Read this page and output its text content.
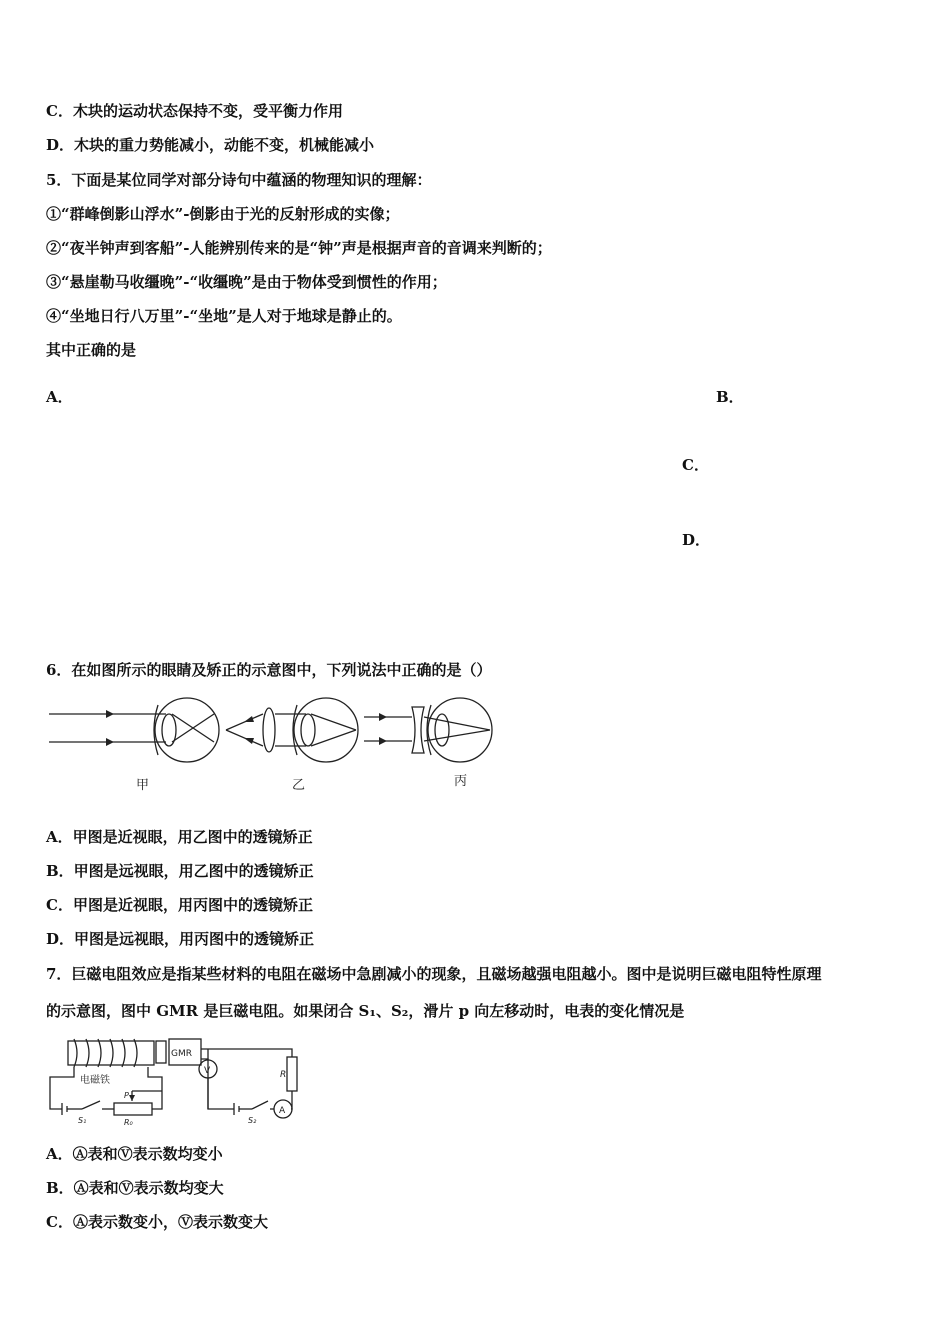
C．木块的运动状态保持不变，受平衡力作用
D．木块的重力势能减小，动能不变，机械能减小
5．下面是某位同学对部分诗句中蕴涵的物理知识的理解：
①“群峰倒影山浮水”-倒影由于光的反射形成的实像；
②“夜半钟声到客船”-人能辨别传来的是“钟”声是根据声音的音调来判断的；
③“悬崖勒马收缰晚”-“收缰晚”是由于物体受到惯性的作用；
④“坐地日行八万里”-“坐地”是人对于地球是静止的。
其中正确的是
A．	B．
C．
D．
6．在如图所示的眼睛及矫正的示意图中，下列说法中正确的是（）
甲	乙	丙
A．甲图是近视眼，用乙图中的透镜矫正
B．甲图是远视眼，用乙图中的透镜矫正
C．甲图是近视眼，用丙图中的透镜矫正
D．甲图是远视眼，用丙图中的透镜矫正
7．巨磁电阻效应是指某些材料的电阻在磁场中急剧减小的现象，且磁场越强电阻越小。图中是说明巨磁电阻特性原理
的示意图，图中 GMR 是巨磁电阻。如果闭合 S₁、S₂，滑片 p 向左移动时，电表的变化情况是
GMR
V
A
R
电磁铁
S₁	S₂
R₀
P
A．Ⓐ表和Ⓥ表示数均变小
B．Ⓐ表和Ⓥ表示数均变大
C．Ⓐ表示数变小，Ⓥ表示数变大
